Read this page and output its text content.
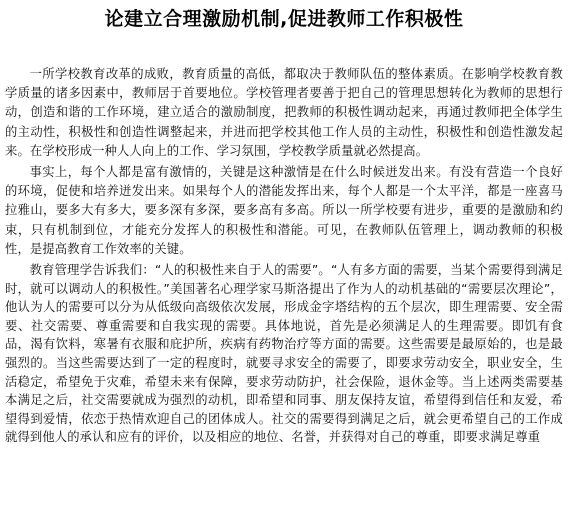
论建立合理激励机制,促进教师工作积极性

一所学校教育改革的成败，教育质量的高低，都取决于教师队伍的整体素质。在影响学校教育教学质量的诸多因素中，教师居于首要地位。学校管理者要善于把自己的管理思想转化为教师的思想行动，创造和谐的工作环境，建立适合的激励制度，把教师的积极性调动起来，再通过教师把全体学生的主动性，积极性和创造性调整起来，并进而把学校其他工作人员的主动性，积极性和创造性激发起来。在学校形成一种人人向上的工作、学习氛围，学校教学质量就必然提高。

事实上，每个人都是富有激情的，关键是这种激情是在什么时候迸发出来。有没有营造一个良好的环境，促使和培养迸发出来。如果每个人的潜能发挥出来，每个人都是一个太平洋，都是一座喜马拉雅山，要多大有多大，要多深有多深，要多高有多高。所以一所学校要有进步，重要的是激励和约束，只有机制到位，才能充分发挥人的积极性和潜能。可见，在教师队伍管理上，调动教师的积极性，是提高教育工作效率的关键。

教育管理学告诉我们：“人的积极性来自于人的需要”。“人有多方面的需要，当某个需要得到满足时，就可以调动人的积极性。”美国著名心理学家马斯洛提出了作为人的动机基础的“需要层次理论”，他认为人的需要可以分为从低级向高级依次发展，形成金字塔结构的五个层次，即生理需要、安全需要、社交需要、尊重需要和自我实现的需要。具体地说，首先是必须满足人的生理需要。即饥有食品，渴有饮料，寒暑有衣服和庇护所，疾病有药物治疗等方面的需要。这些需要是最原始的，也是最强烈的。当这些需要达到了一定的程度时，就要寻求安全的需要了，即要求劳动安全，职业安全，生活稳定，希望免于灾难，希望未来有保障，要求劳动防护，社会保险，退休金等。当上述两类需要基本满足之后，社交需要就成为强烈的动机，即希望和同事、朋友保持友谊，希望得到信任和友爱，希望得到爱情，依恋于热情欢迎自己的团体成人。社交的需要得到满足之后，就会更希望自己的工作成就得到他人的承认和应有的评价，以及相应的地位、名誉，并获得对自己的尊重，即要求满足尊重
